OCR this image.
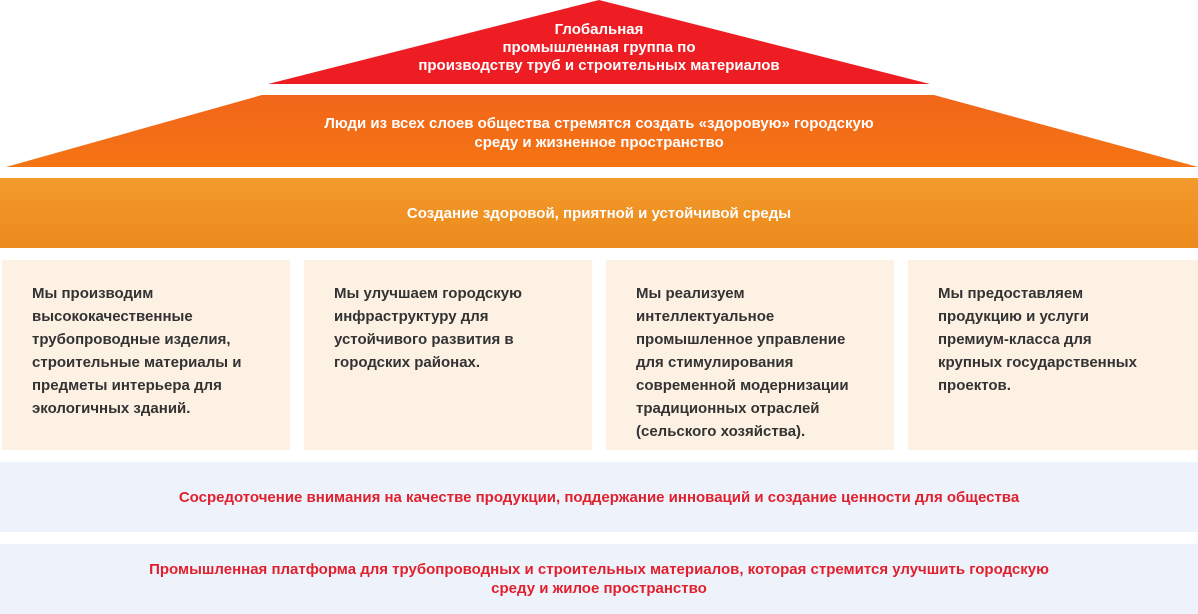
Глобальная
промышленная группа по
производству труб и строительных материалов
Люди из всех слоев общества стремятся создать «здоровую» городскую
среду и жизненное пространство
Создание здоровой, приятной и устойчивой среды
Мы производим
высококачественные
трубопроводные изделия,
строительные материалы и
предметы интерьера для
экологичных зданий.
Мы улучшаем городскую
инфраструктуру для
устойчивого развития в
городских районах.
Мы реализуем
интеллектуальное
промышленное управление
для стимулирования
современной модернизации
традиционных отраслей
(сельского хозяйства).
Мы предоставляем
продукцию и услуги
премиум-класса для
крупных государственных
проектов.
Сосредоточение внимания на качестве продукции, поддержание инноваций и создание ценности для общества
Промышленная платформа для трубопроводных и строительных материалов, которая стремится улучшить городскую
среду и жилое пространство
